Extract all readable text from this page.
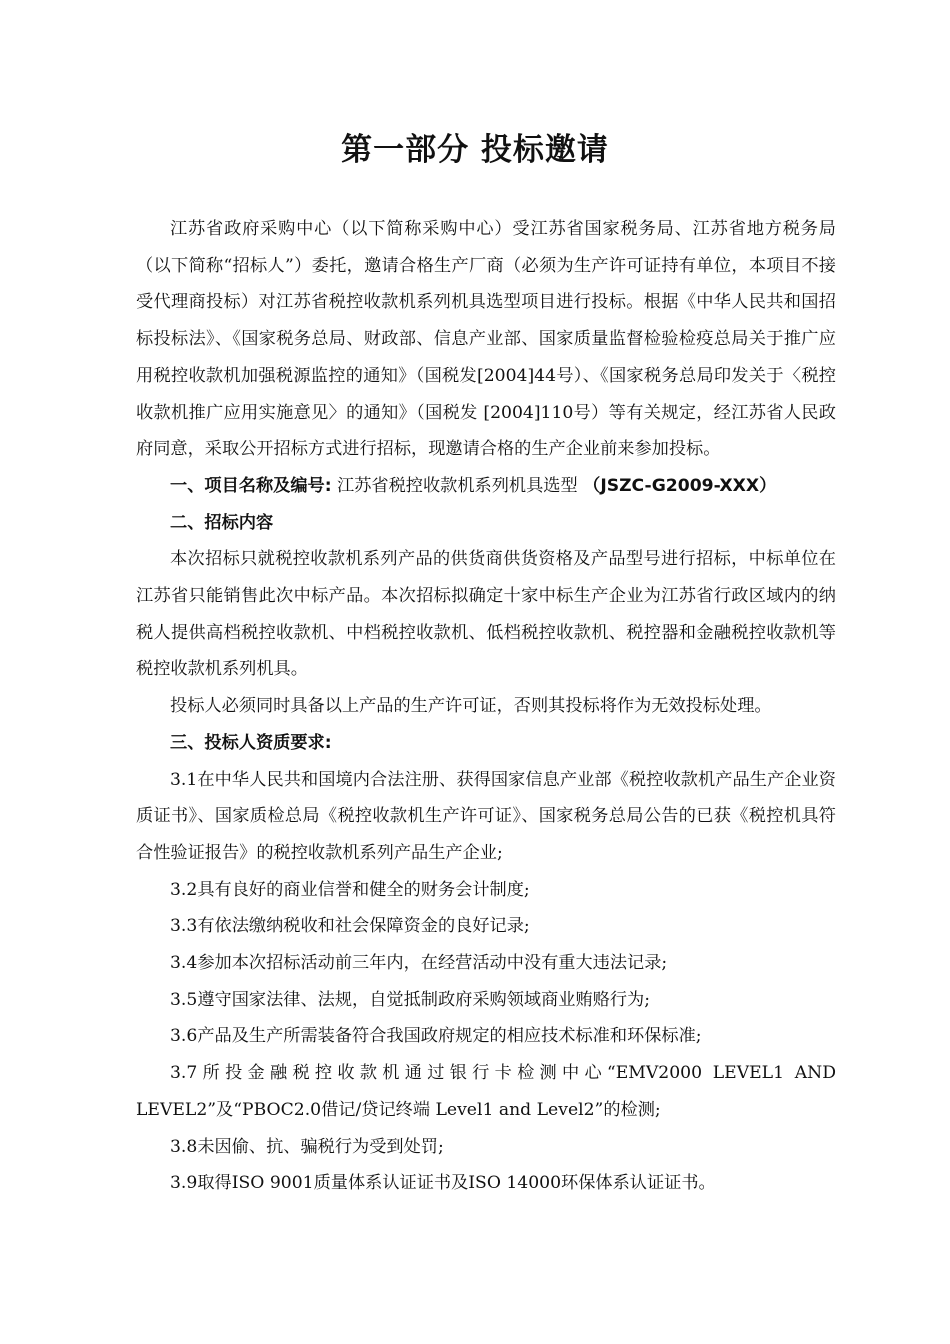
第一部分 投标邀请

江苏省政府采购中心（以下简称采购中心）受江苏省国家税务局、江苏省地方税务局（以下简称“招标人”）委托，邀请合格生产厂商（必须为生产许可证持有单位，本项目不接受代理商投标）对江苏省税控收款机系列机具选型项目进行投标。根据《中华人民共和国招标投标法》、《国家税务总局、财政部、信息产业部、国家质量监督检验检疫总局关于推广应用税控收款机加强税源监控的通知》（国税发[2004]44号）、《国家税务总局印发关于〈税控收款机推广应用实施意见〉的通知》（国税发 [2004]110号）等有关规定，经江苏省人民政府同意，采取公开招标方式进行招标，现邀请合格的生产企业前来参加投标。

一、项目名称及编号: 江苏省税控收款机系列机具选型 （JSZC-G2009-XXX）

二、招标内容

本次招标只就税控收款机系列产品的供货商供货资格及产品型号进行招标，中标单位在江苏省只能销售此次中标产品。本次招标拟确定十家中标生产企业为江苏省行政区域内的纳税人提供高档税控收款机、中档税控收款机、低档税控收款机、税控器和金融税控收款机等税控收款机系列机具。

投标人必须同时具备以上产品的生产许可证，否则其投标将作为无效投标处理。

三、投标人资质要求:

3.1在中华人民共和国境内合法注册、获得国家信息产业部《税控收款机产品生产企业资质证书》、国家质检总局《税控收款机生产许可证》、国家税务总局公告的已获《税控机具符合性验证报告》的税控收款机系列产品生产企业;

3.2具有良好的商业信誉和健全的财务会计制度;

3.3有依法缴纳税收和社会保障资金的良好记录;

3.4参加本次招标活动前三年内，在经营活动中没有重大违法记录;

3.5遵守国家法律、法规，自觉抵制政府采购领域商业贿赂行为;

3.6产品及生产所需装备符合我国政府规定的相应技术标准和环保标准;

3.7所投金融税控收款机通过银行卡检测中心“EMV2000 LEVEL1 AND LEVEL2”及“PBOC2.0借记/贷记终端 Level1 and Level2”的检测;

3.8未因偷、抗、骗税行为受到处罚;

3.9取得ISO 9001质量体系认证证书及ISO 14000环保体系认证证书。
